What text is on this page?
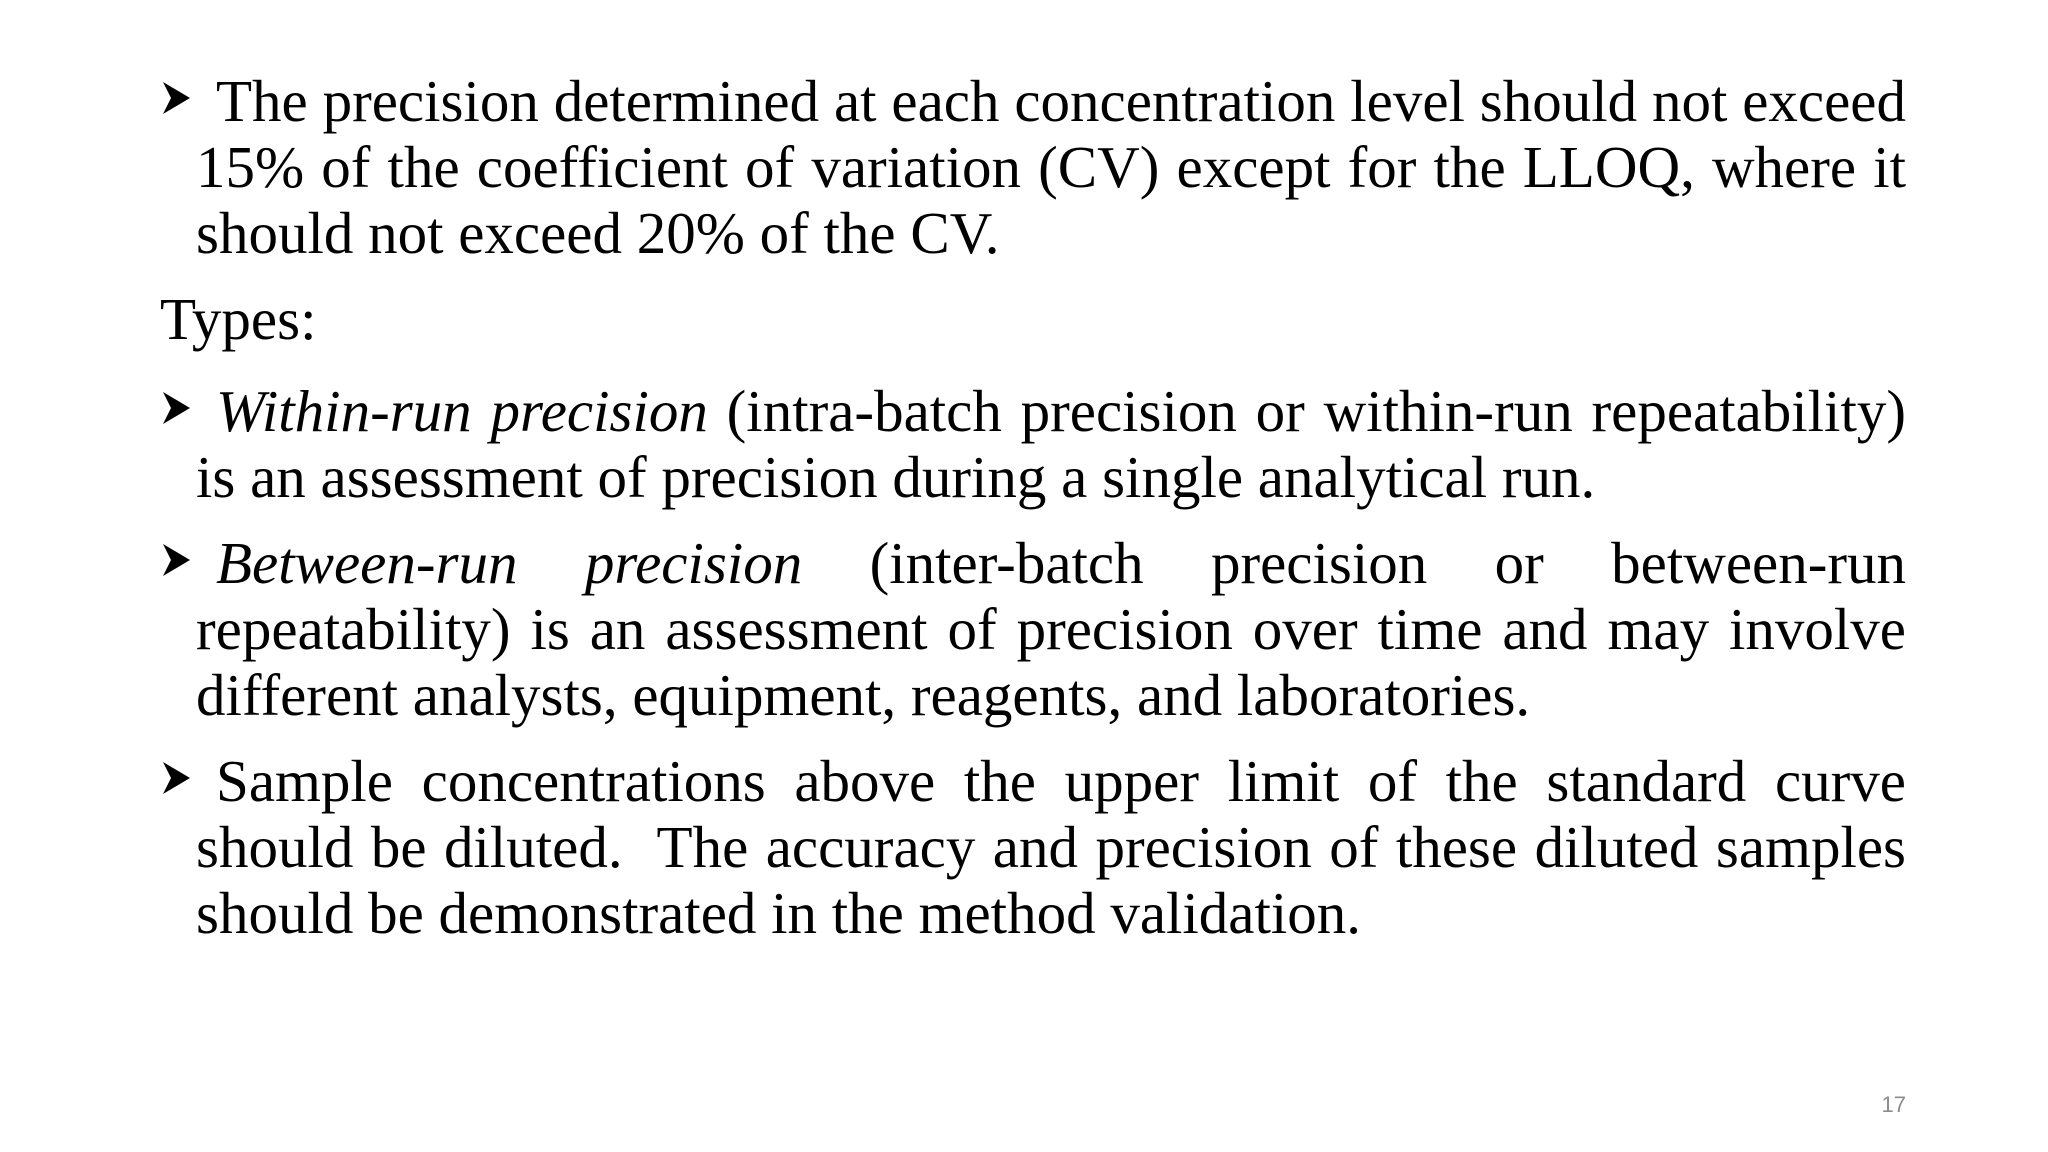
The precision determined at each concentration level should not exceed 15% of the coefficient of variation (CV) except for the LLOQ, where it should not exceed 20% of the CV.
Types:
Within-run precision (intra-batch precision or within-run repeatability) is an assessment of precision during a single analytical run.
Between-run precision (inter-batch precision or between-run repeatability) is an assessment of precision over time and may involve different analysts, equipment, reagents, and laboratories.
Sample concentrations above the upper limit of the standard curve should be diluted.  The accuracy and precision of these diluted samples should be demonstrated in the method validation.
17
